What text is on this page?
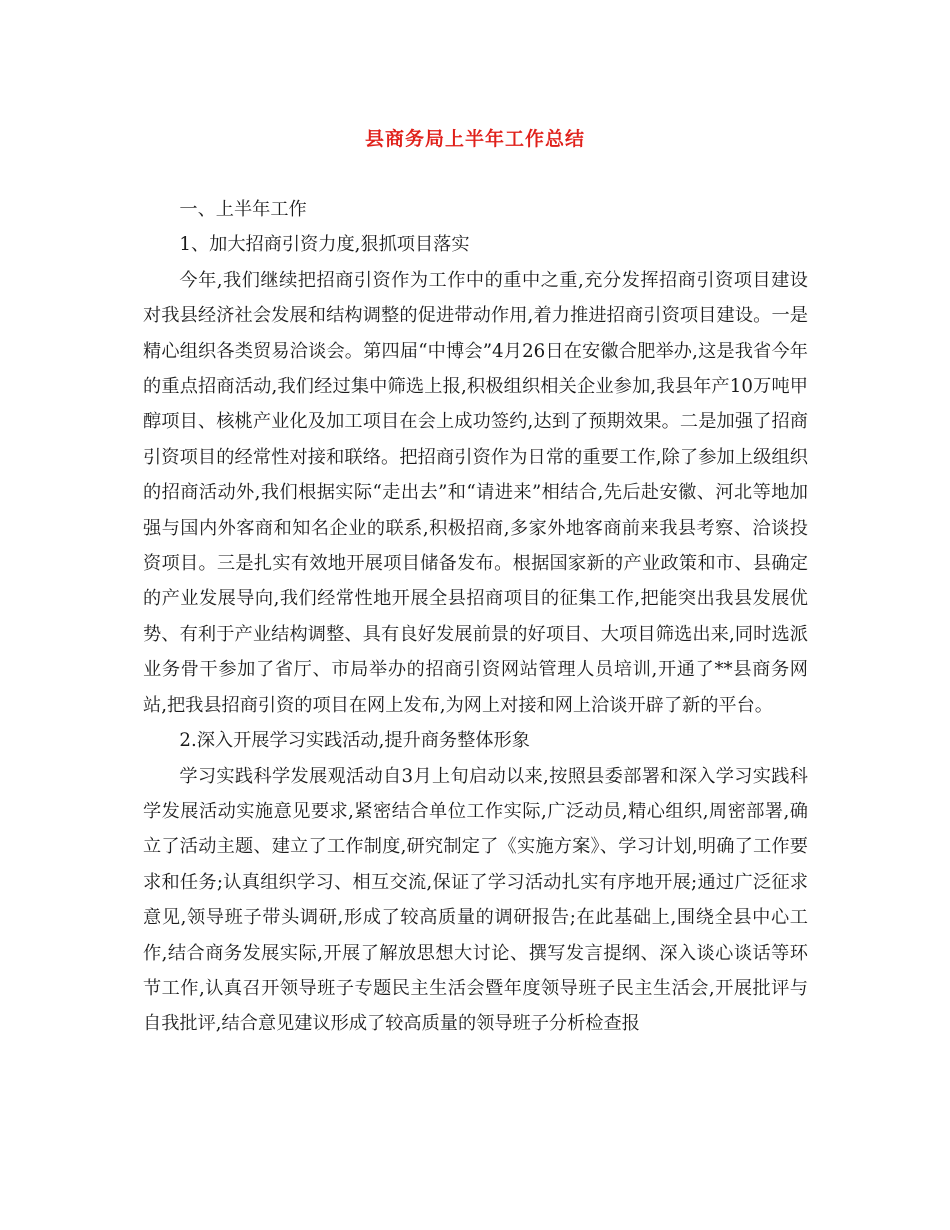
县商务局上半年工作总结

一、上半年工作

1、加大招商引资力度,狠抓项目落实

今年,我们继续把招商引资作为工作中的重中之重,充分发挥招商引资项目建设对我县经济社会发展和结构调整的促进带动作用,着力推进招商引资项目建设。一是精心组织各类贸易洽谈会。第四届“中博会”4月26日在安徽合肥举办,这是我省今年的重点招商活动,我们经过集中筛选上报,积极组织相关企业参加,我县年产10万吨甲醇项目、核桃产业化及加工项目在会上成功签约,达到了预期效果。二是加强了招商引资项目的经常性对接和联络。把招商引资作为日常的重要工作,除了参加上级组织的招商活动外,我们根据实际“走出去”和“请进来”相结合,先后赴安徽、河北等地加强与国内外客商和知名企业的联系,积极招商,多家外地客商前来我县考察、洽谈投资项目。三是扎实有效地开展项目储备发布。根据国家新的产业政策和市、县确定的产业发展导向,我们经常性地开展全县招商项目的征集工作,把能突出我县发展优势、有利于产业结构调整、具有良好发展前景的好项目、大项目筛选出来,同时选派业务骨干参加了省厅、市局举办的招商引资网站管理人员培训,开通了**县商务网站,把我县招商引资的项目在网上发布,为网上对接和网上洽谈开辟了新的平台。

2.深入开展学习实践活动,提升商务整体形象

学习实践科学发展观活动自3月上旬启动以来,按照县委部署和深入学习实践科学发展活动实施意见要求,紧密结合单位工作实际,广泛动员,精心组织,周密部署,确立了活动主题、建立了工作制度,研究制定了《实施方案》、学习计划,明确了工作要求和任务;认真组织学习、相互交流,保证了学习活动扎实有序地开展;通过广泛征求意见,领导班子带头调研,形成了较高质量的调研报告;在此基础上,围绕全县中心工作,结合商务发展实际,开展了解放思想大讨论、撰写发言提纲、深入谈心谈话等环节工作,认真召开领导班子专题民主生活会暨年度领导班子民主生活会,开展批评与自我批评,结合意见建议形成了较高质量的领导班子分析检查报
